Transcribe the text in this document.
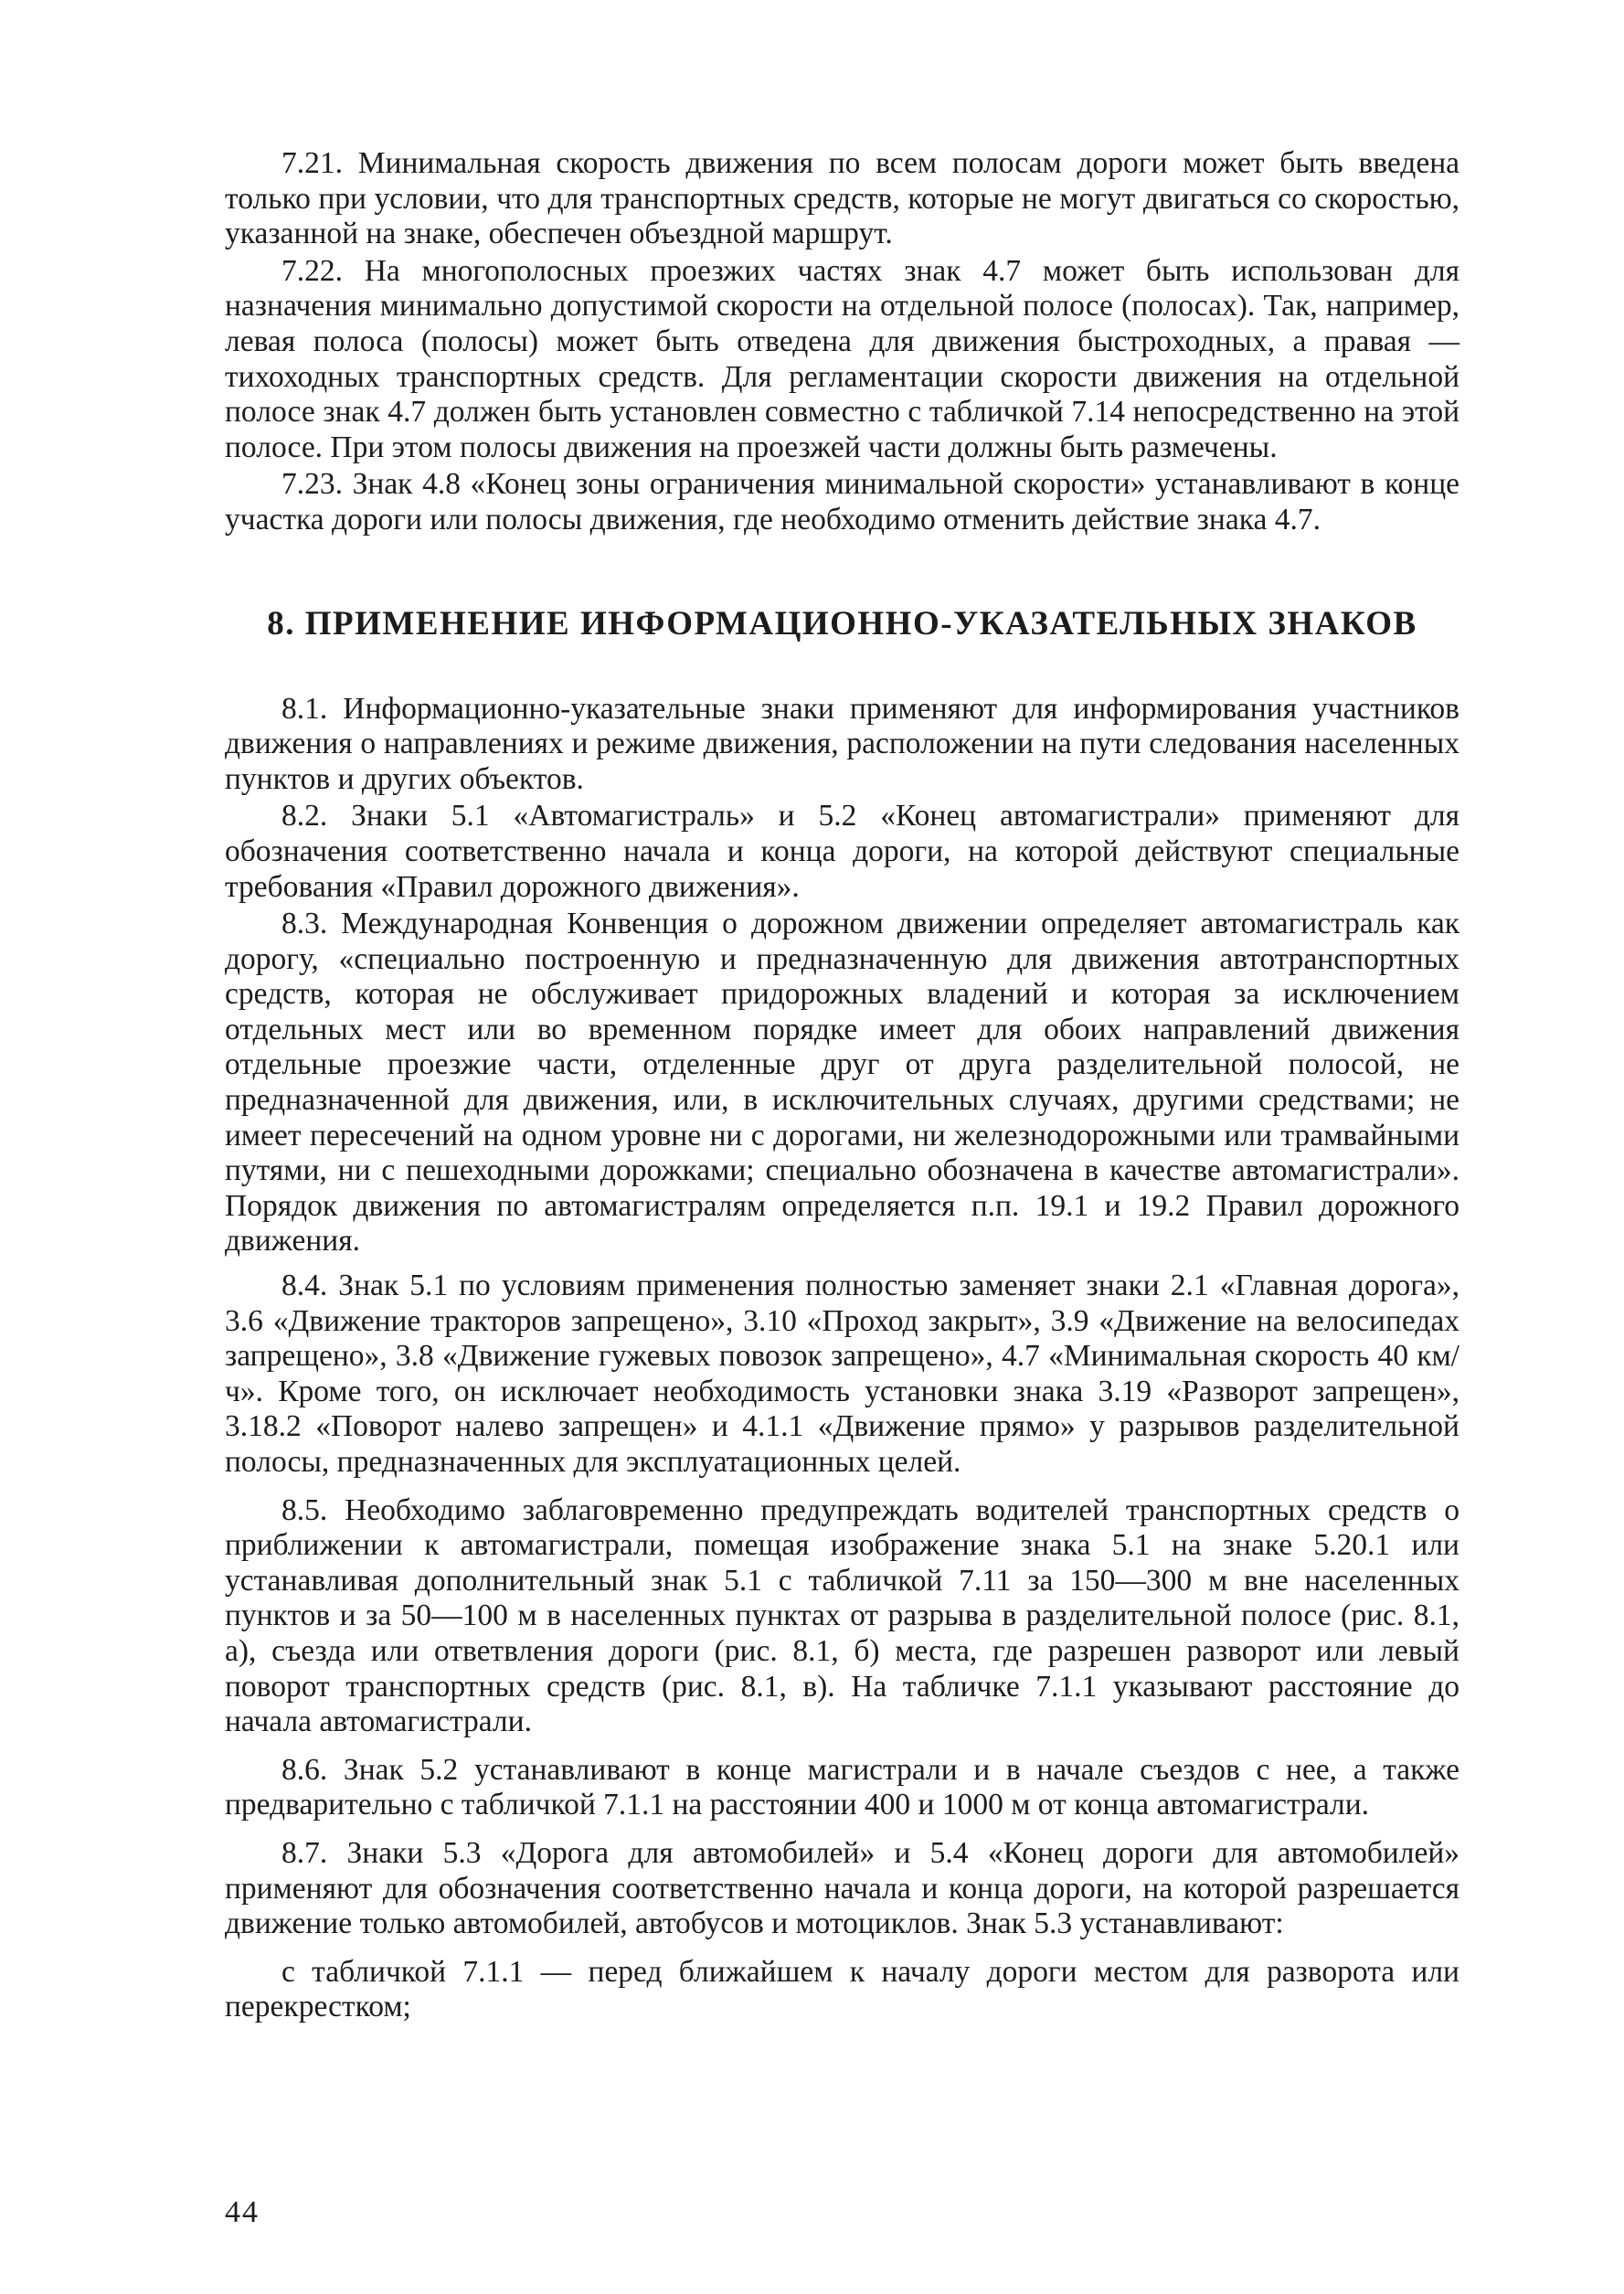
7.21. Минимальная скорость движения по всем полосам дороги может быть введена только при условии, что для транспортных средств, которые не могут двигаться со скоростью, указанной на знаке, обеспечен объездной маршрут.

7.22. На многополосных проезжих частях знак 4.7 может быть использован для назначения минимально допустимой скорости на отдельной полосе (полосах). Так, например, левая полоса (полосы) может быть отведена для движения быстроходных, а правая — тихоходных транспортных средств. Для регламентации скорости движения на отдельной полосе знак 4.7 должен быть установлен совместно с табличкой 7.14 непосредственно на этой полосе. При этом полосы движения на проезжей части должны быть размечены.

7.23. Знак 4.8 «Конец зоны ограничения минимальной скорости» устанавливают в конце участка дороги или полосы движения, где необходимо отменить действие знака 4.7.

8. ПРИМЕНЕНИЕ ИНФОРМАЦИОННО-УКАЗАТЕЛЬНЫХ ЗНАКОВ

8.1. Информационно-указательные знаки применяют для информирования участников движения о направлениях и режиме движения, расположении на пути следования населенных пунктов и других объектов.

8.2. Знаки 5.1 «Автомагистраль» и 5.2 «Конец автомагистрали» применяют для обозначения соответственно начала и конца дороги, на которой действуют специальные требования «Правил дорожного движения».

8.3. Международная Конвенция о дорожном движении определяет автомагистраль как дорогу, «специально построенную и предназначенную для движения автотранспортных средств, которая не обслуживает придорожных владений и которая за исключением отдельных мест или во временном порядке имеет для обоих направлений движения отдельные проезжие части, отделенные друг от друга разделительной полосой, не предназначенной для движения, или, в исключительных случаях, другими средствами; не имеет пересечений на одном уровне ни с дорогами, ни железнодорожными или трамвайными путями, ни с пешеходными дорожками; специально обозначена в качестве автомагистрали». Порядок движения по автомагистралям определяется п.п. 19.1 и 19.2 Правил дорожного движения.

8.4. Знак 5.1 по условиям применения полностью заменяет знаки 2.1 «Главная дорога», 3.6 «Движение тракторов запрещено», 3.10 «Проход закрыт», 3.9 «Движение на велосипедах запрещено», 3.8 «Движение гужевых повозок запрещено», 4.7 «Минимальная скорость 40 км/ч». Кроме того, он исключает необходимость установки знака 3.19 «Разворот запрещен», 3.18.2 «Поворот налево запрещен» и 4.1.1 «Движение прямо» у разрывов разделительной полосы, предназначенных для эксплуатационных целей.

8.5. Необходимо заблаговременно предупреждать водителей транспортных средств о приближении к автомагистрали, помещая изображение знака 5.1 на знаке 5.20.1 или устанавливая дополнительный знак 5.1 с табличкой 7.11 за 150—300 м вне населенных пунктов и за 50—100 м в населенных пунктах от разрыва в разделительной полосе (рис. 8.1, а), съезда или ответвления дороги (рис. 8.1, б) места, где разрешен разворот или левый поворот транспортных средств (рис. 8.1, в). На табличке 7.1.1 указывают расстояние до начала автомагистрали.

8.6. Знак 5.2 устанавливают в конце магистрали и в начале съездов с нее, а также предварительно с табличкой 7.1.1 на расстоянии 400 и 1000 м от конца автомагистрали.

8.7. Знаки 5.3 «Дорога для автомобилей» и 5.4 «Конец дороги для автомобилей» применяют для обозначения соответственно начала и конца дороги, на которой разрешается движение только автомобилей, автобусов и мотоциклов. Знак 5.3 устанавливают:

с табличкой 7.1.1 — перед ближайшем к началу дороги местом для разворота или перекрестком;

44
